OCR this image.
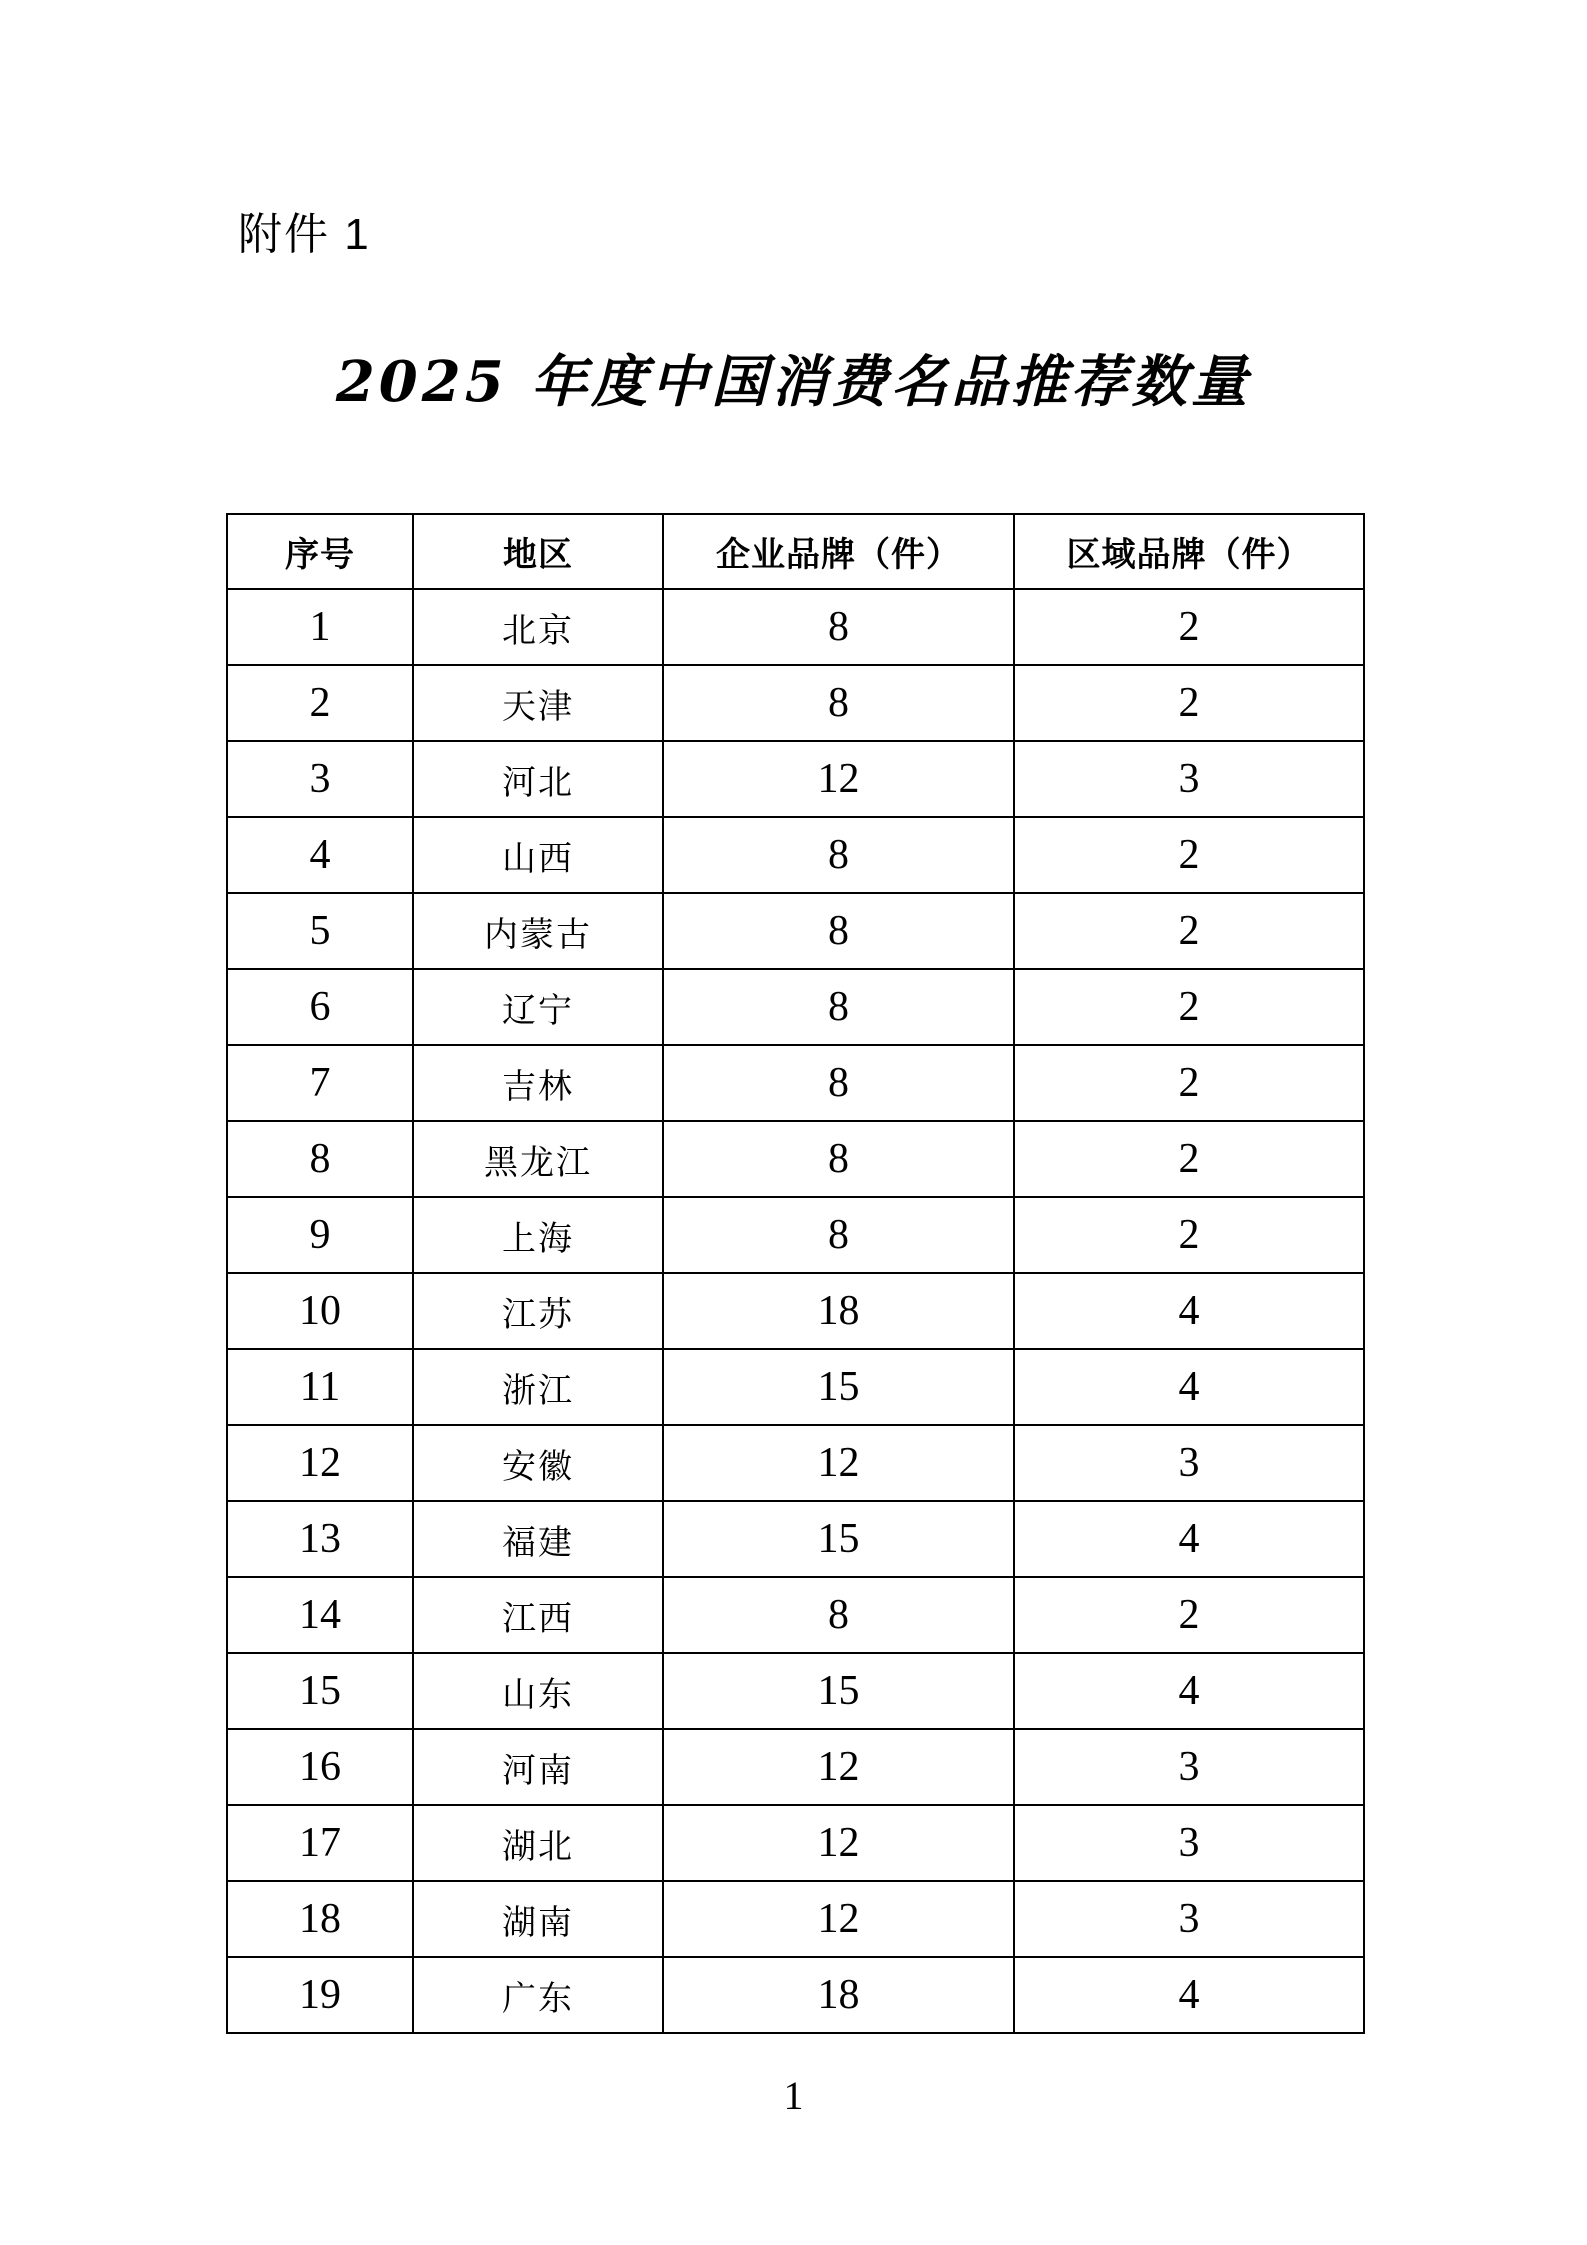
附件 1
2025 年度中国消费名品推荐数量
序号	地区	企业品牌（件）	区域品牌（件）
1	北京	8	2
2	天津	8	2
3	河北	12	3
4	山西	8	2
5	内蒙古	8	2
6	辽宁	8	2
7	吉林	8	2
8	黑龙江	8	2
9	上海	8	2
10	江苏	18	4
11	浙江	15	4
12	安徽	12	3
13	福建	15	4
14	江西	8	2
15	山东	15	4
16	河南	12	3
17	湖北	12	3
18	湖南	12	3
19	广东	18	4
1
